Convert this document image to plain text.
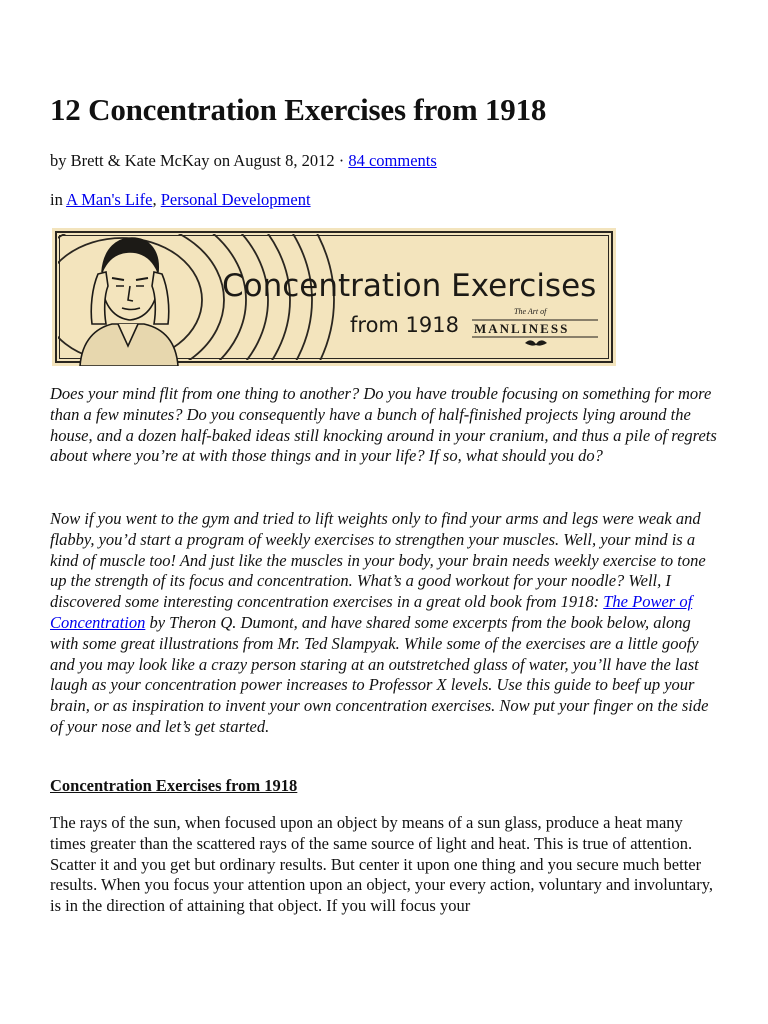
12 Concentration Exercises from 1918

by Brett & Kate McKay on August 8, 2012 · 84 comments

in A Man's Life, Personal Development

Concentration Exercises
from 1918
The Art of
MANLINESS

Does your mind flit from one thing to another? Do you have trouble focusing on something for more than a few minutes? Do you consequently have a bunch of half-finished projects lying around the house, and a dozen half-baked ideas still knocking around in your cranium, and thus a pile of regrets about where you’re at with those things and in your life? If so, what should you do?

Now if you went to the gym and tried to lift weights only to find your arms and legs were weak and flabby, you’d start a program of weekly exercises to strengthen your muscles. Well, your mind is a kind of muscle too! And just like the muscles in your body, your brain needs weekly exercise to tone up the strength of its focus and concentration. What’s a good workout for your noodle? Well, I discovered some interesting concentration exercises in a great old book from 1918: The Power of Concentration by Theron Q. Dumont, and have shared some excerpts from the book below, along with some great illustrations from Mr. Ted Slampyak. While some of the exercises are a little goofy and you may look like a crazy person staring at an outstretched glass of water, you’ll have the last laugh as your concentration power increases to Professor X levels. Use this guide to beef up your brain, or as inspiration to invent your own concentration exercises. Now put your finger on the side of your nose and let’s get started.

Concentration Exercises from 1918

The rays of the sun, when focused upon an object by means of a sun glass, produce a heat many times greater than the scattered rays of the same source of light and heat. This is true of attention. Scatter it and you get but ordinary results. But center it upon one thing and you secure much better results. When you focus your attention upon an object, your every action, voluntary and involuntary, is in the direction of attaining that object. If you will focus your
